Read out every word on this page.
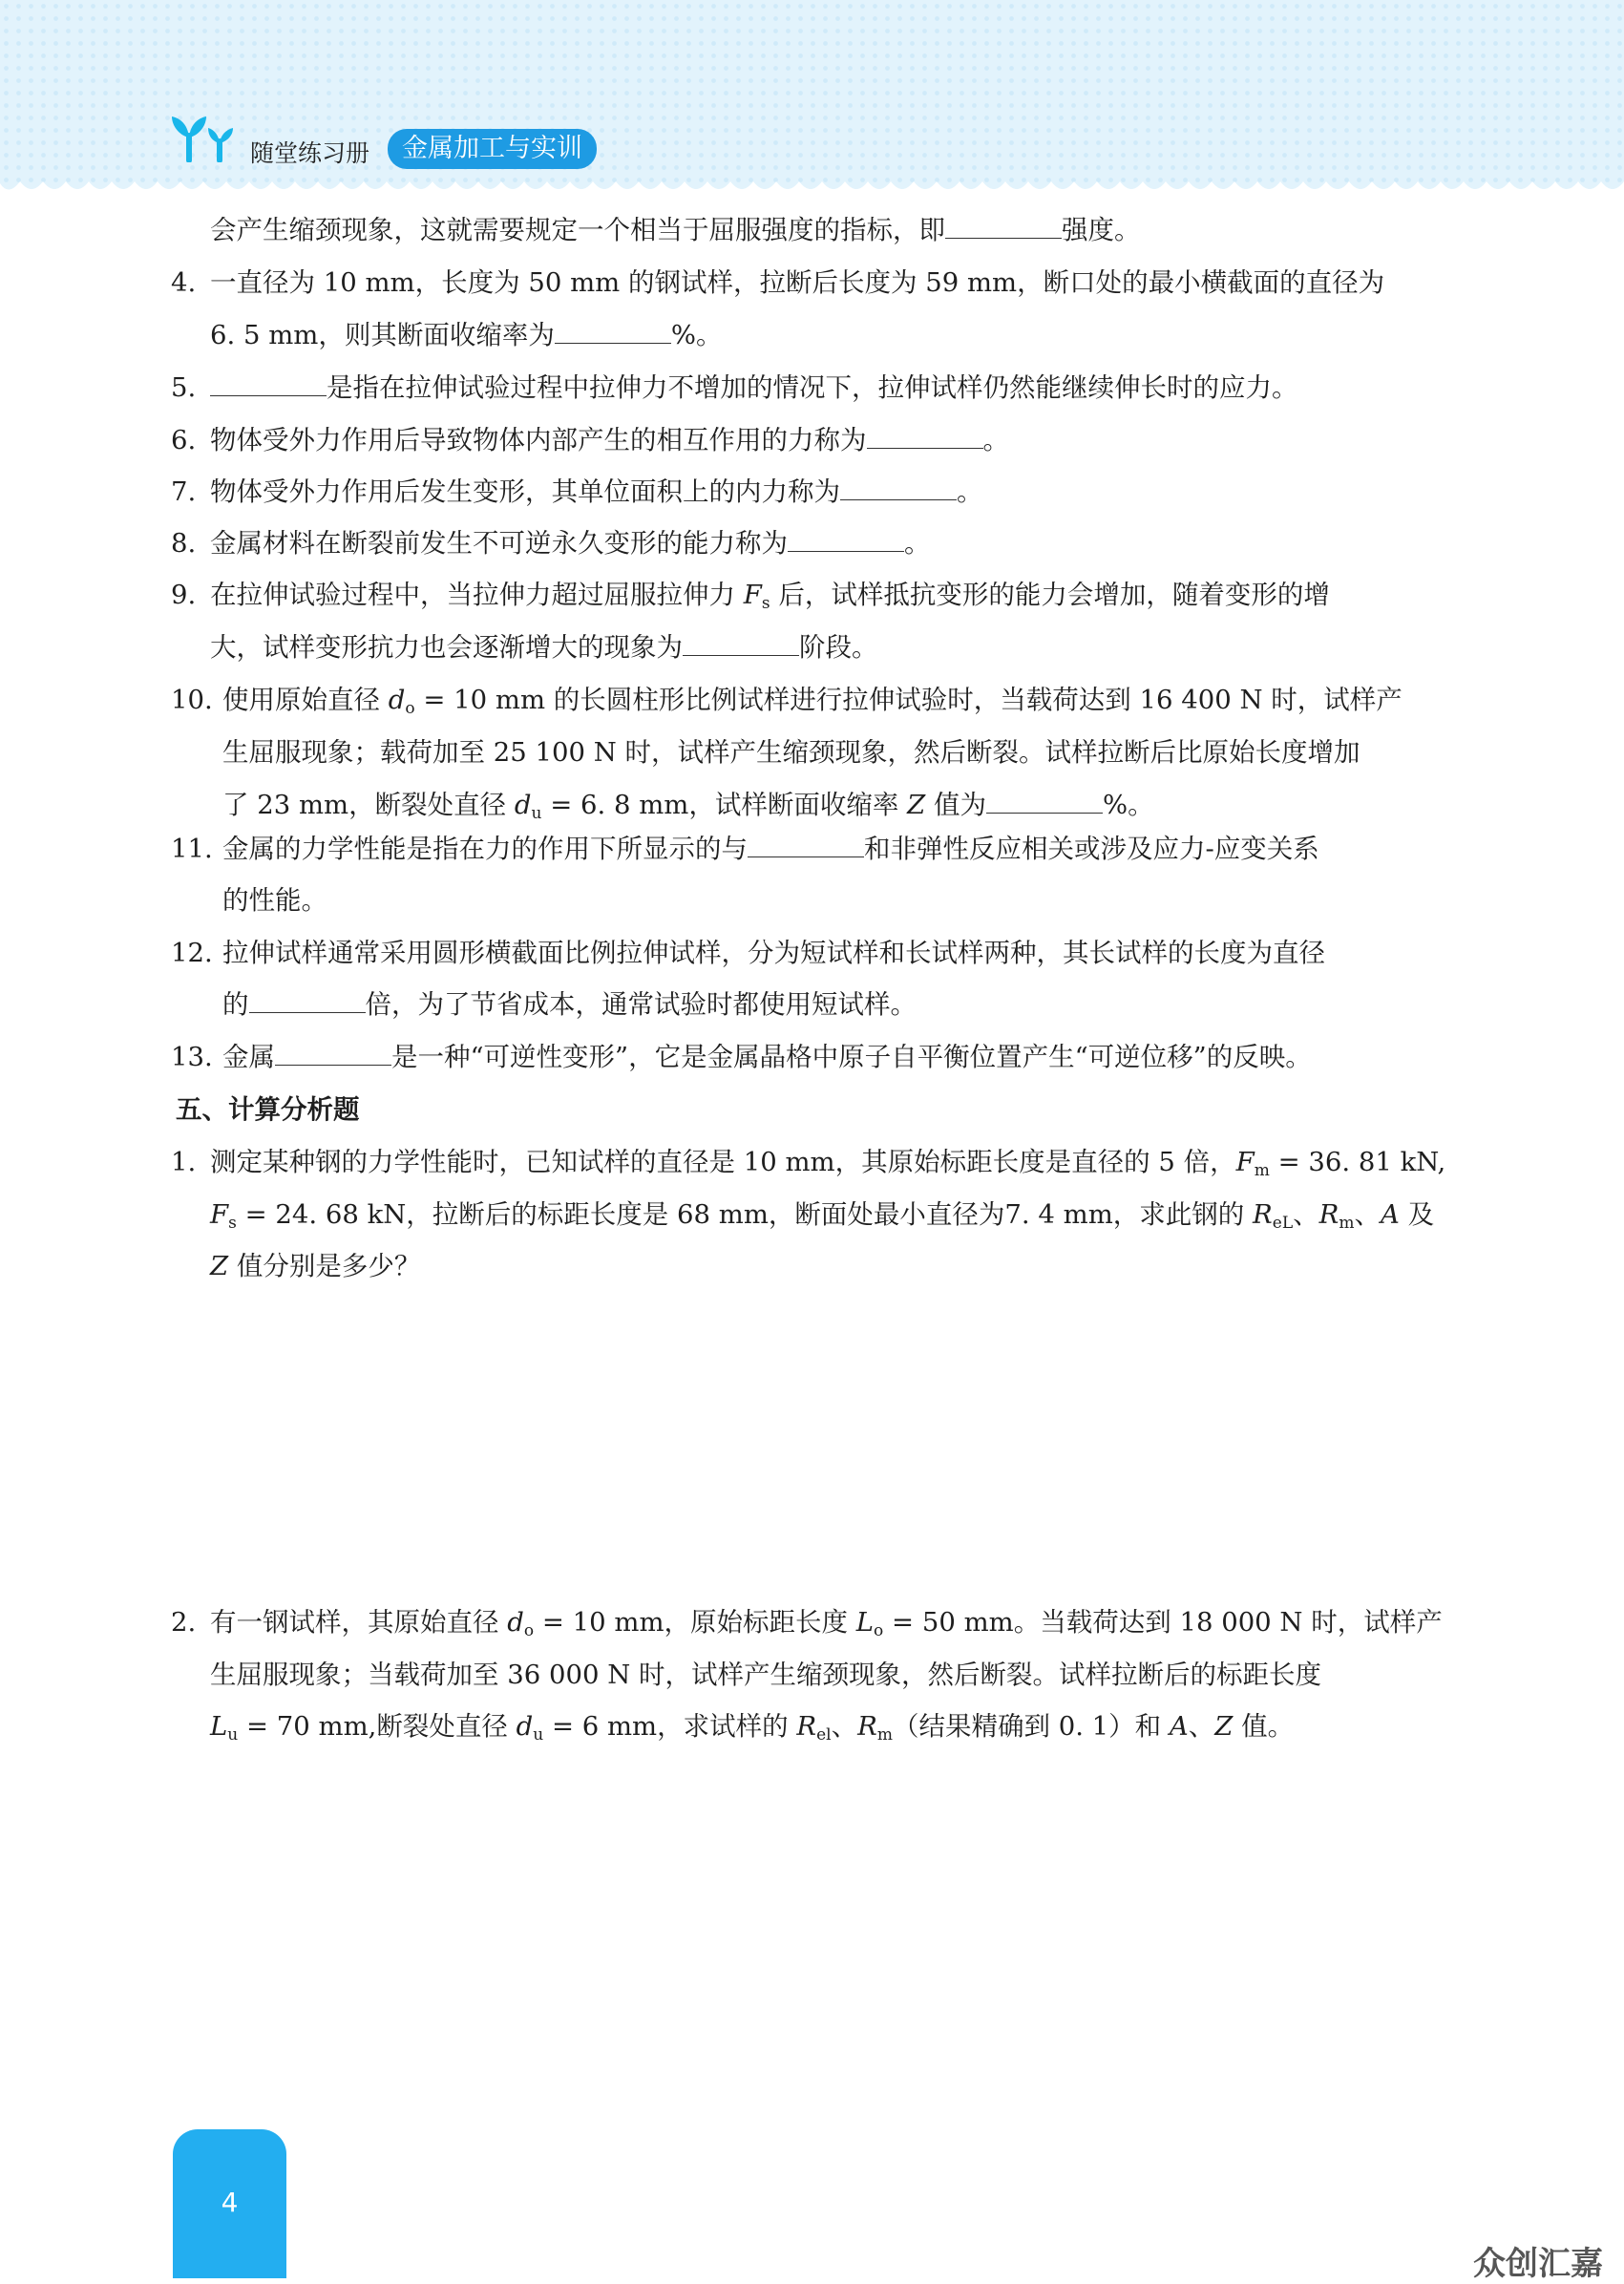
随堂练习册	金属加工与实训
会产生缩颈现象，这就需要规定一个相当于屈服强度的指标，即	强度。
4. 一直径为 10 mm，长度为 50 mm 的钢试样，拉断后长度为 59 mm，断口处的最小横截面的直径为
6. 5 mm，则其断面收缩率为	%。
5.	是指在拉伸试验过程中拉伸力不增加的情况下，拉伸试样仍然能继续伸长时的应力。
6. 物体受外力作用后导致物体内部产生的相互作用的力称为	。
7. 物体受外力作用后发生变形，其单位面积上的内力称为	。
8. 金属材料在断裂前发生不可逆永久变形的能力称为	。
9. 在拉伸试验过程中，当拉伸力超过屈服拉伸力 $F_s$ 后，试样抵抗变形的能力会增加，随着变形的增
大，试样变形抗力也会逐渐增大的现象为	阶段。
10. 使用原始直径 $d_o = 10$ mm 的长圆柱形比例试样进行拉伸试验时，当载荷达到 16 400 N 时，试样产
生屈服现象；载荷加至 25 100 N 时，试样产生缩颈现象，然后断裂。试样拉断后比原始长度增加
了 23 mm，断裂处直径 $d_u = 6$. 8 mm，试样断面收缩率 Z 值为	%。
11. 金属的力学性能是指在力的作用下所显示的与	和非弹性反应相关或涉及应力-应变关系
的性能。
12. 拉伸试样通常采用圆形横截面比例拉伸试样，分为短试样和长试样两种，其长试样的长度为直径
的	倍，为了节省成本，通常试验时都使用短试样。
13. 金属	是一种“可逆性变形”，它是金属晶格中原子自平衡位置产生“可逆位移”的反映。
五、计算分析题
1. 测定某种钢的力学性能时，已知试样的直径是 10 mm，其原始标距长度是直径的 5 倍，$F_m = 36$. 81 kN,
$F_s = 24$. 68 kN，拉断后的标距长度是 68 mm，断面处最小直径为7. 4 mm，求此钢的 $R_{eL}$、$R_m$、A 及
Z 值分别是多少？
2. 有一钢试样，其原始直径 $d_o = 10$ mm，原始标距长度 $L_o = 50$ mm。当载荷达到 18 000 N 时，试样产
生屈服现象；当载荷加至 36 000 N 时，试样产生缩颈现象，然后断裂。试样拉断后的标距长度
$L_u = 70$ mm,断裂处直径 $d_u = 6$ mm，求试样的 $R_{el}$、$R_m$（结果精确到 0. 1）和 A、Z 值。
4
众创汇嘉
